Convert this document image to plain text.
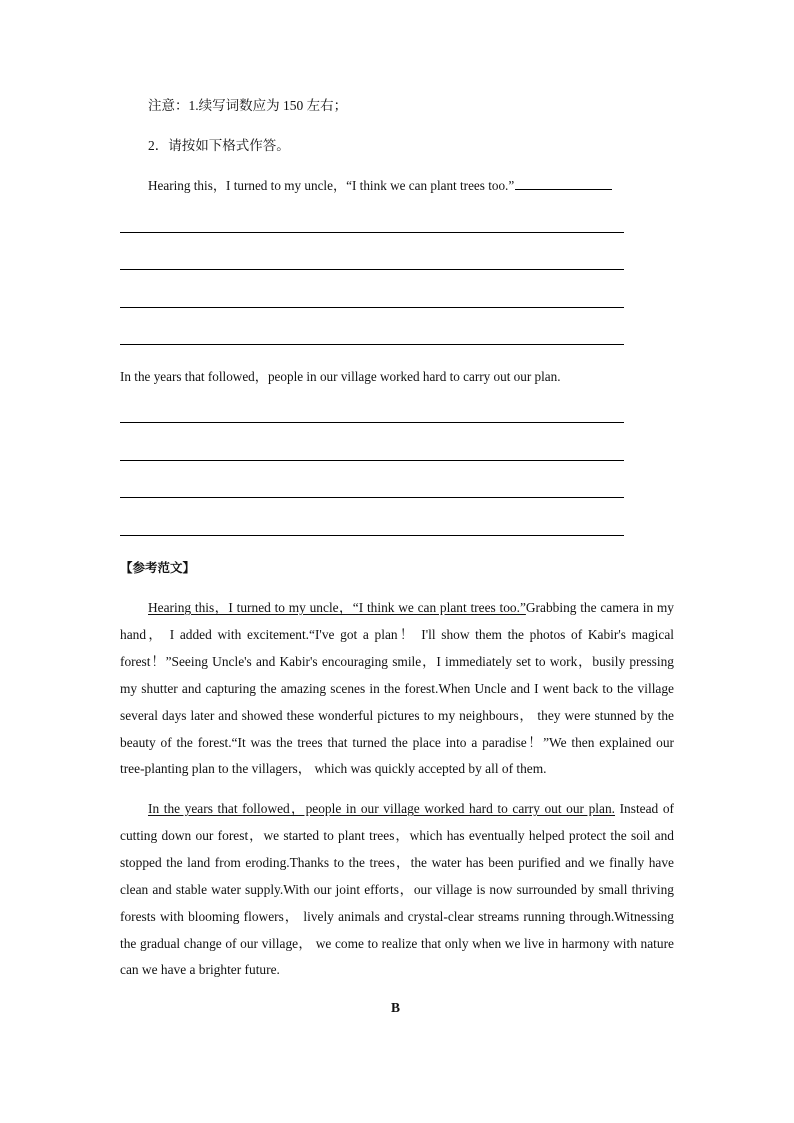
注意：1.续写词数应为 150 左右；
2．请按如下格式作答。
Hearing this，I turned to my uncle，“I think we can plant trees too.”
In the years that followed，people in our village worked hard to carry out our plan.
【参考范文】
Hearing this，I turned to my uncle，“I think we can plant trees too.”Grabbing the camera in my hand， I added with excitement.“I've got a plan！ I'll show them the photos of Kabir's magical forest！”Seeing Uncle's and Kabir's encouraging smile，I immediately set to work，busily pressing my shutter and capturing the amazing scenes in the forest.When Uncle and I went back to the village several days later and showed these wonderful pictures to my neighbours， they were stunned by the beauty of the forest.“It was the trees that turned the place into a paradise！”We then explained our tree-planting plan to the villagers， which was quickly accepted by all of them.
In the years that followed，people in our village worked hard to carry out our plan. Instead of cutting down our forest，we started to plant trees，which has eventually helped protect the soil and stopped the land from eroding.Thanks to the trees，the water has been purified and we finally have clean and stable water supply.With our joint efforts，our village is now surrounded by small thriving forests with blooming flowers， lively animals and crystal-clear streams running through.Witnessing the gradual change of our village， we come to realize that only when we live in harmony with nature can we have a brighter future.
B
